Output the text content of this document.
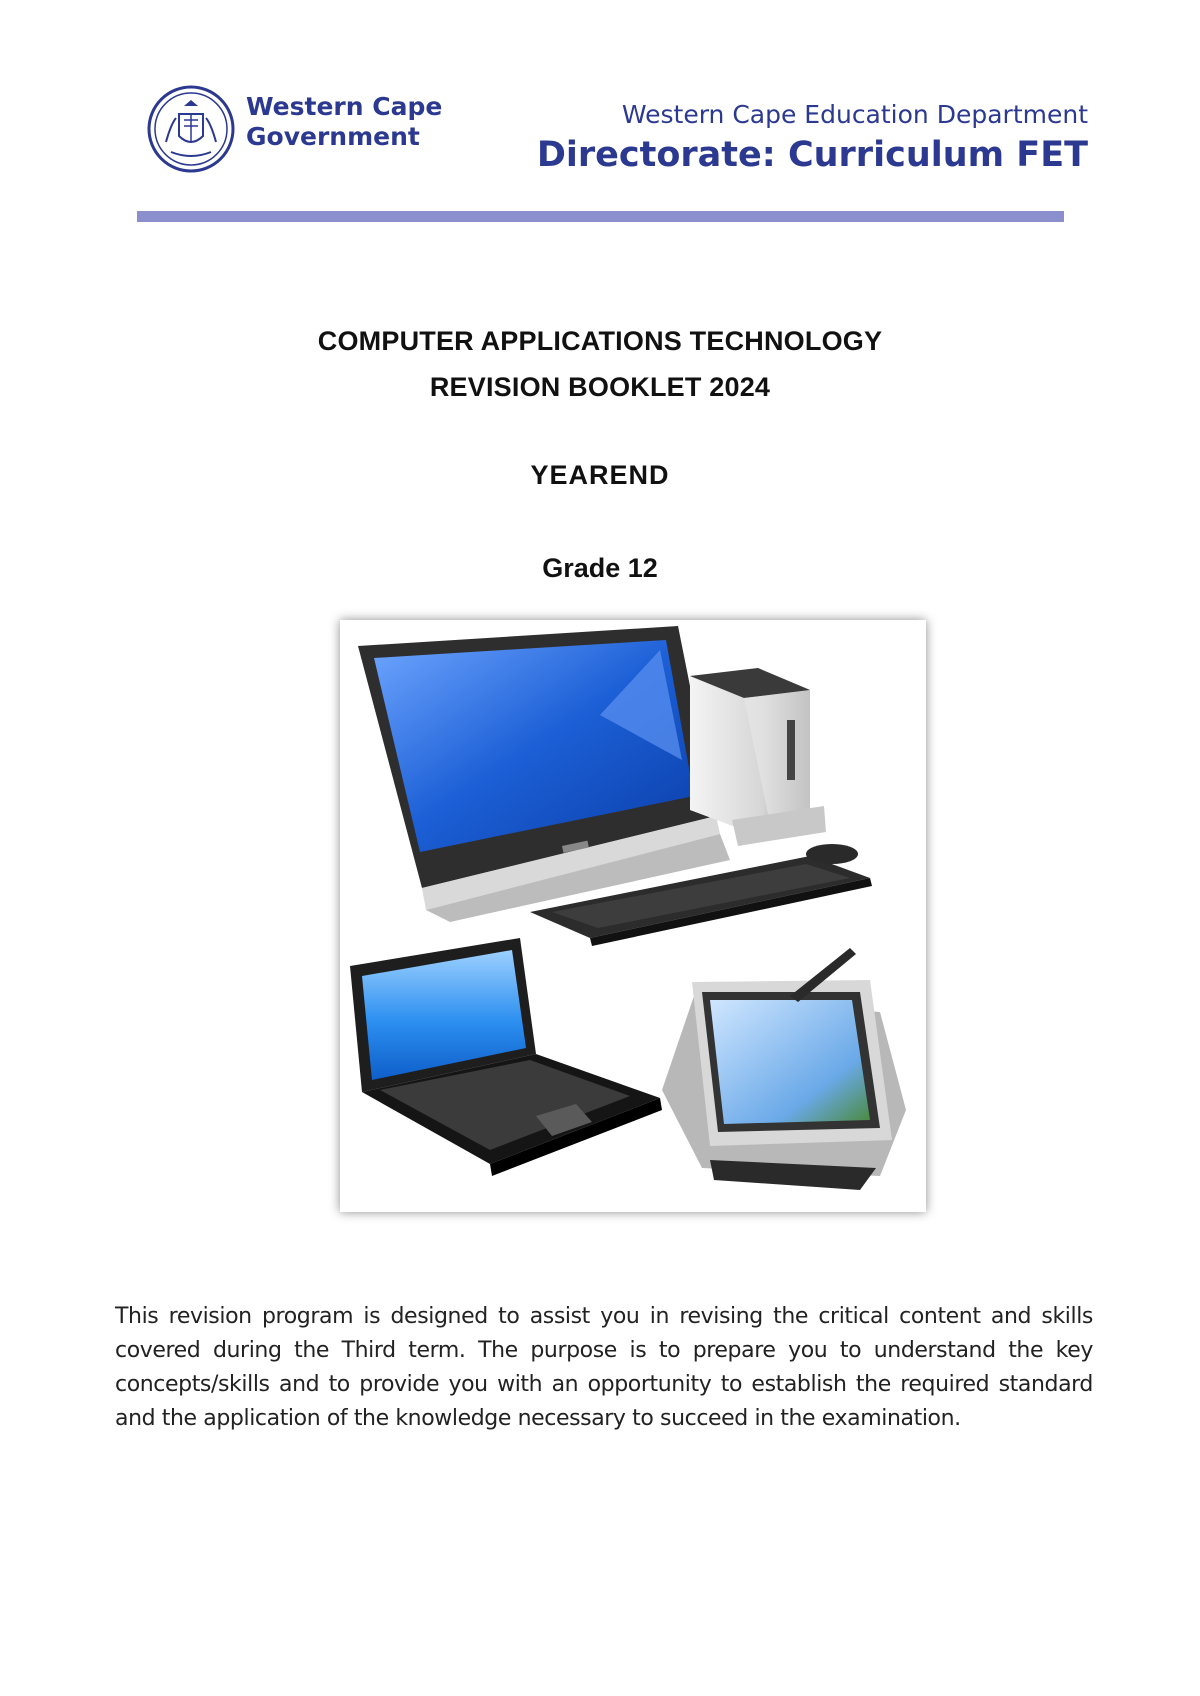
Western Cape
Government
Western Cape Education Department
Directorate: Curriculum FET
COMPUTER APPLICATIONS TECHNOLOGY
REVISION BOOKLET 2024
YEAREND
Grade 12

This revision program is designed to assist you in revising the critical content and skills covered during the Third term. The purpose is to prepare you to understand the key concepts/skills and to provide you with an opportunity to establish the required standard and the application of the knowledge necessary to succeed in the examination.
